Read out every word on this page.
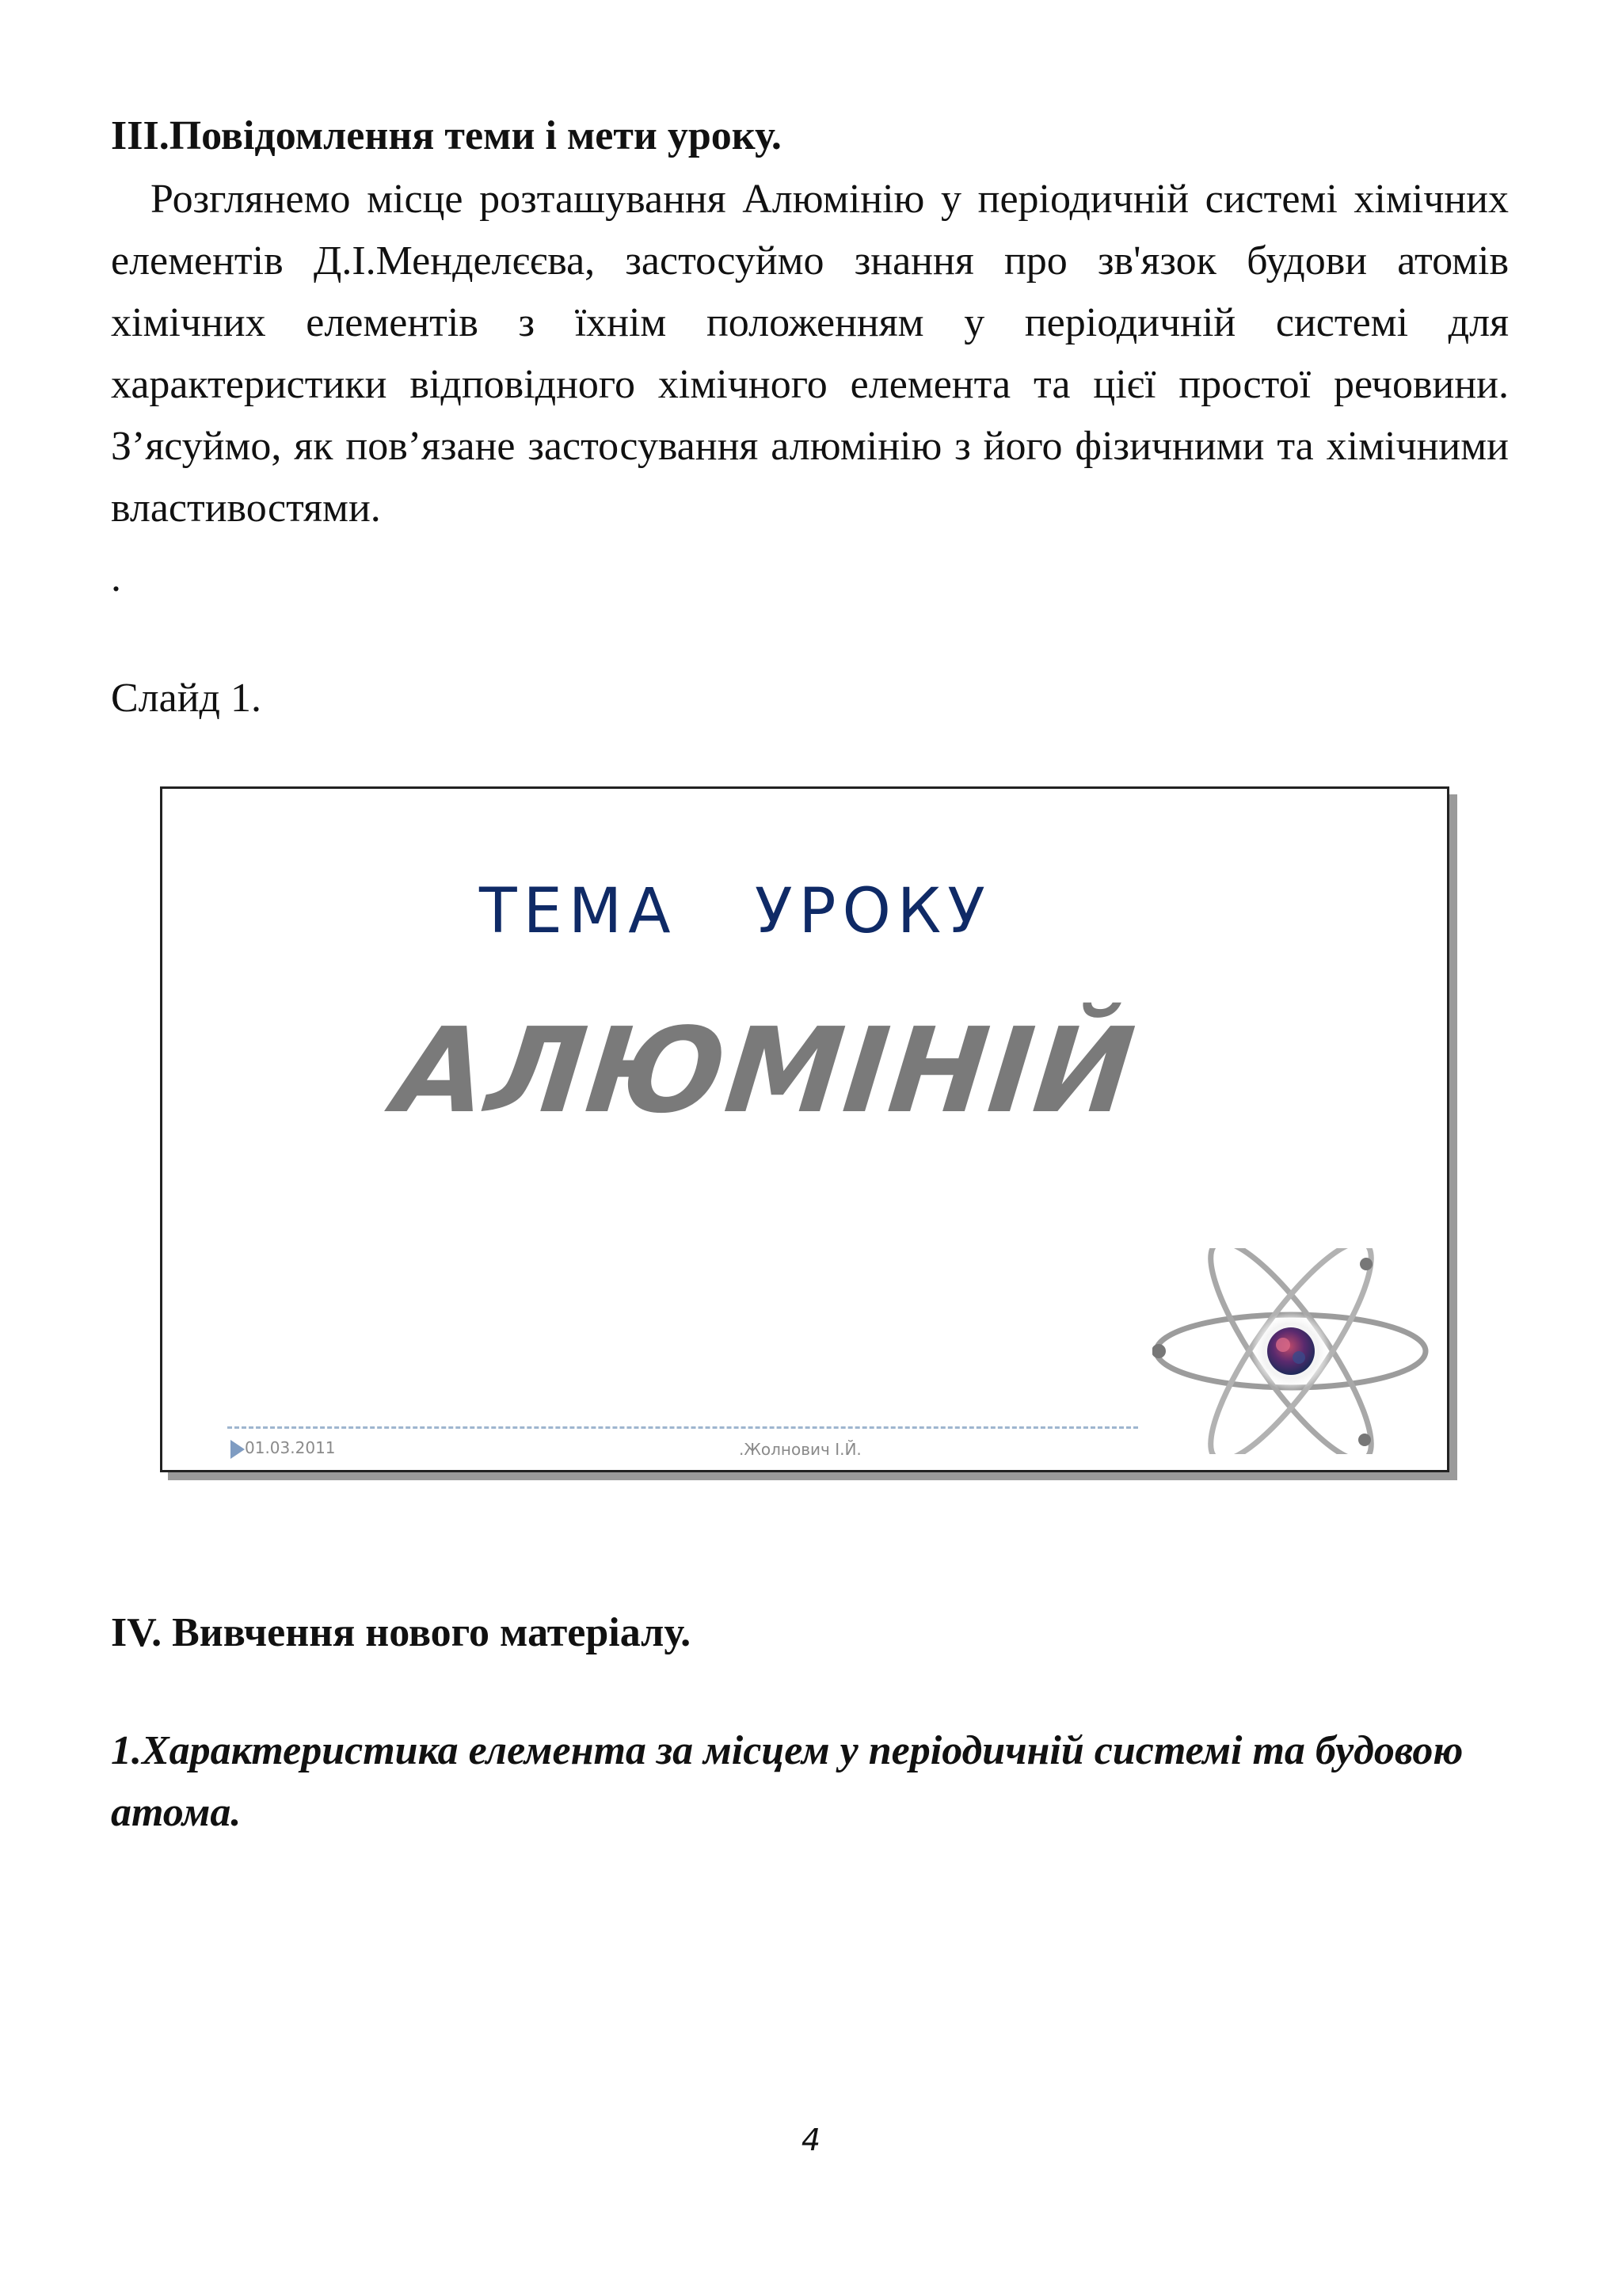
ІІІ.Повідомлення теми і мети уроку.
Розглянемо місце розташування Алюмінію у періодичній системі хімічних елементів Д.І.Менделєєва, застосуймо знання про зв'язок будови атомів хімічних елементів з їхнім положенням у періодичній системі для характеристики відповідного хімічного елемента та цієї простої речовини. З’ясуймо, як пов’язане застосування алюмінію з його фізичними та хімічними властивостями.
.
Слайд 1.
ТЕМА   УРОКУ
АЛЮМІНІЙ
01.03.2011	.Жолнович І.Й.
IV. Вивчення нового матеріалу.
1.Характеристика елемента за місцем у періодичній системі та будовою атома.
4
